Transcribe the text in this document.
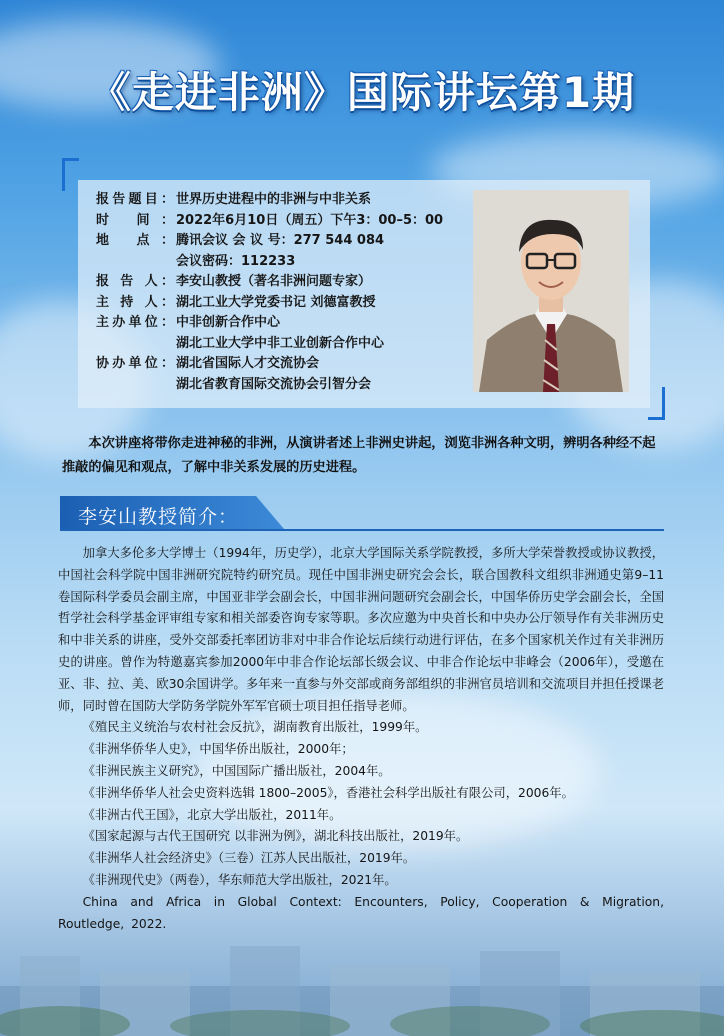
《走进非洲》国际讲坛第1期
报告题目： 世界历史进程中的非洲与中非关系
时 间： 2022年6月10日（周五）下午3：00–5：00
地 点： 腾讯会议 会 议 号：277 544 084
会议密码：112233
报 告 人： 李安山教授（著名非洲问题专家）
主 持 人： 湖北工业大学党委书记 刘德富教授
主办单位： 中非创新合作中心
湖北工业大学中非工业创新合作中心
协办单位： 湖北省国际人才交流协会
湖北省教育国际交流协会引智分会

本次讲座将带你走进神秘的非洲，从演讲者述上非洲史讲起，浏览非洲各种文明，辨明各种经不起推敲的偏见和观点，了解中非关系发展的历史进程。

李安山教授简介：

加拿大多伦多大学博士（1994年，历史学），北京大学国际关系学院教授，多所大学荣誉教授或协议教授，中国社会科学院中国非洲研究院特约研究员。现任中国非洲史研究会会长，联合国教科文组织非洲通史第9–11卷国际科学委员会副主席，中国亚非学会副会长，中国非洲问题研究会副会长，中国华侨历史学会副会长，全国哲学社会科学基金评审组专家和相关部委咨询专家等职。多次应邀为中央首长和中央办公厅领导作有关非洲历史和中非关系的讲座，受外交部委托率团访非对中非合作论坛后续行动进行评估，在多个国家机关作过有关非洲历史的讲座。曾作为特邀嘉宾参加2000年中非合作论坛部长级会议、中非合作论坛中非峰会（2006年），受邀在亚、非、拉、美、欧30余国讲学。多年来一直参与外交部或商务部组织的非洲官员培训和交流项目并担任授课老师，同时曾在国防大学防务学院外军军官硕士项目担任指导老师。

《殖民主义统治与农村社会反抗》，湖南教育出版社，1999年。

《非洲华侨华人史》，中国华侨出版社，2000年；

《非洲民族主义研究》，中国国际广播出版社，2004年。

《非洲华侨华人社会史资料选辑 1800–2005》，香港社会科学出版社有限公司，2006年。

《非洲古代王国》，北京大学出版社，2011年。

《国家起源与古代王国研究 以非洲为例》，湖北科技出版社，2019年。

《非洲华人社会经济史》（三卷）江苏人民出版社，2019年。

《非洲现代史》（两卷），华东师范大学出版社，2021年。

China and Africa in Global Context: Encounters, Policy, Cooperation & Migration, Routledge, 2022.
